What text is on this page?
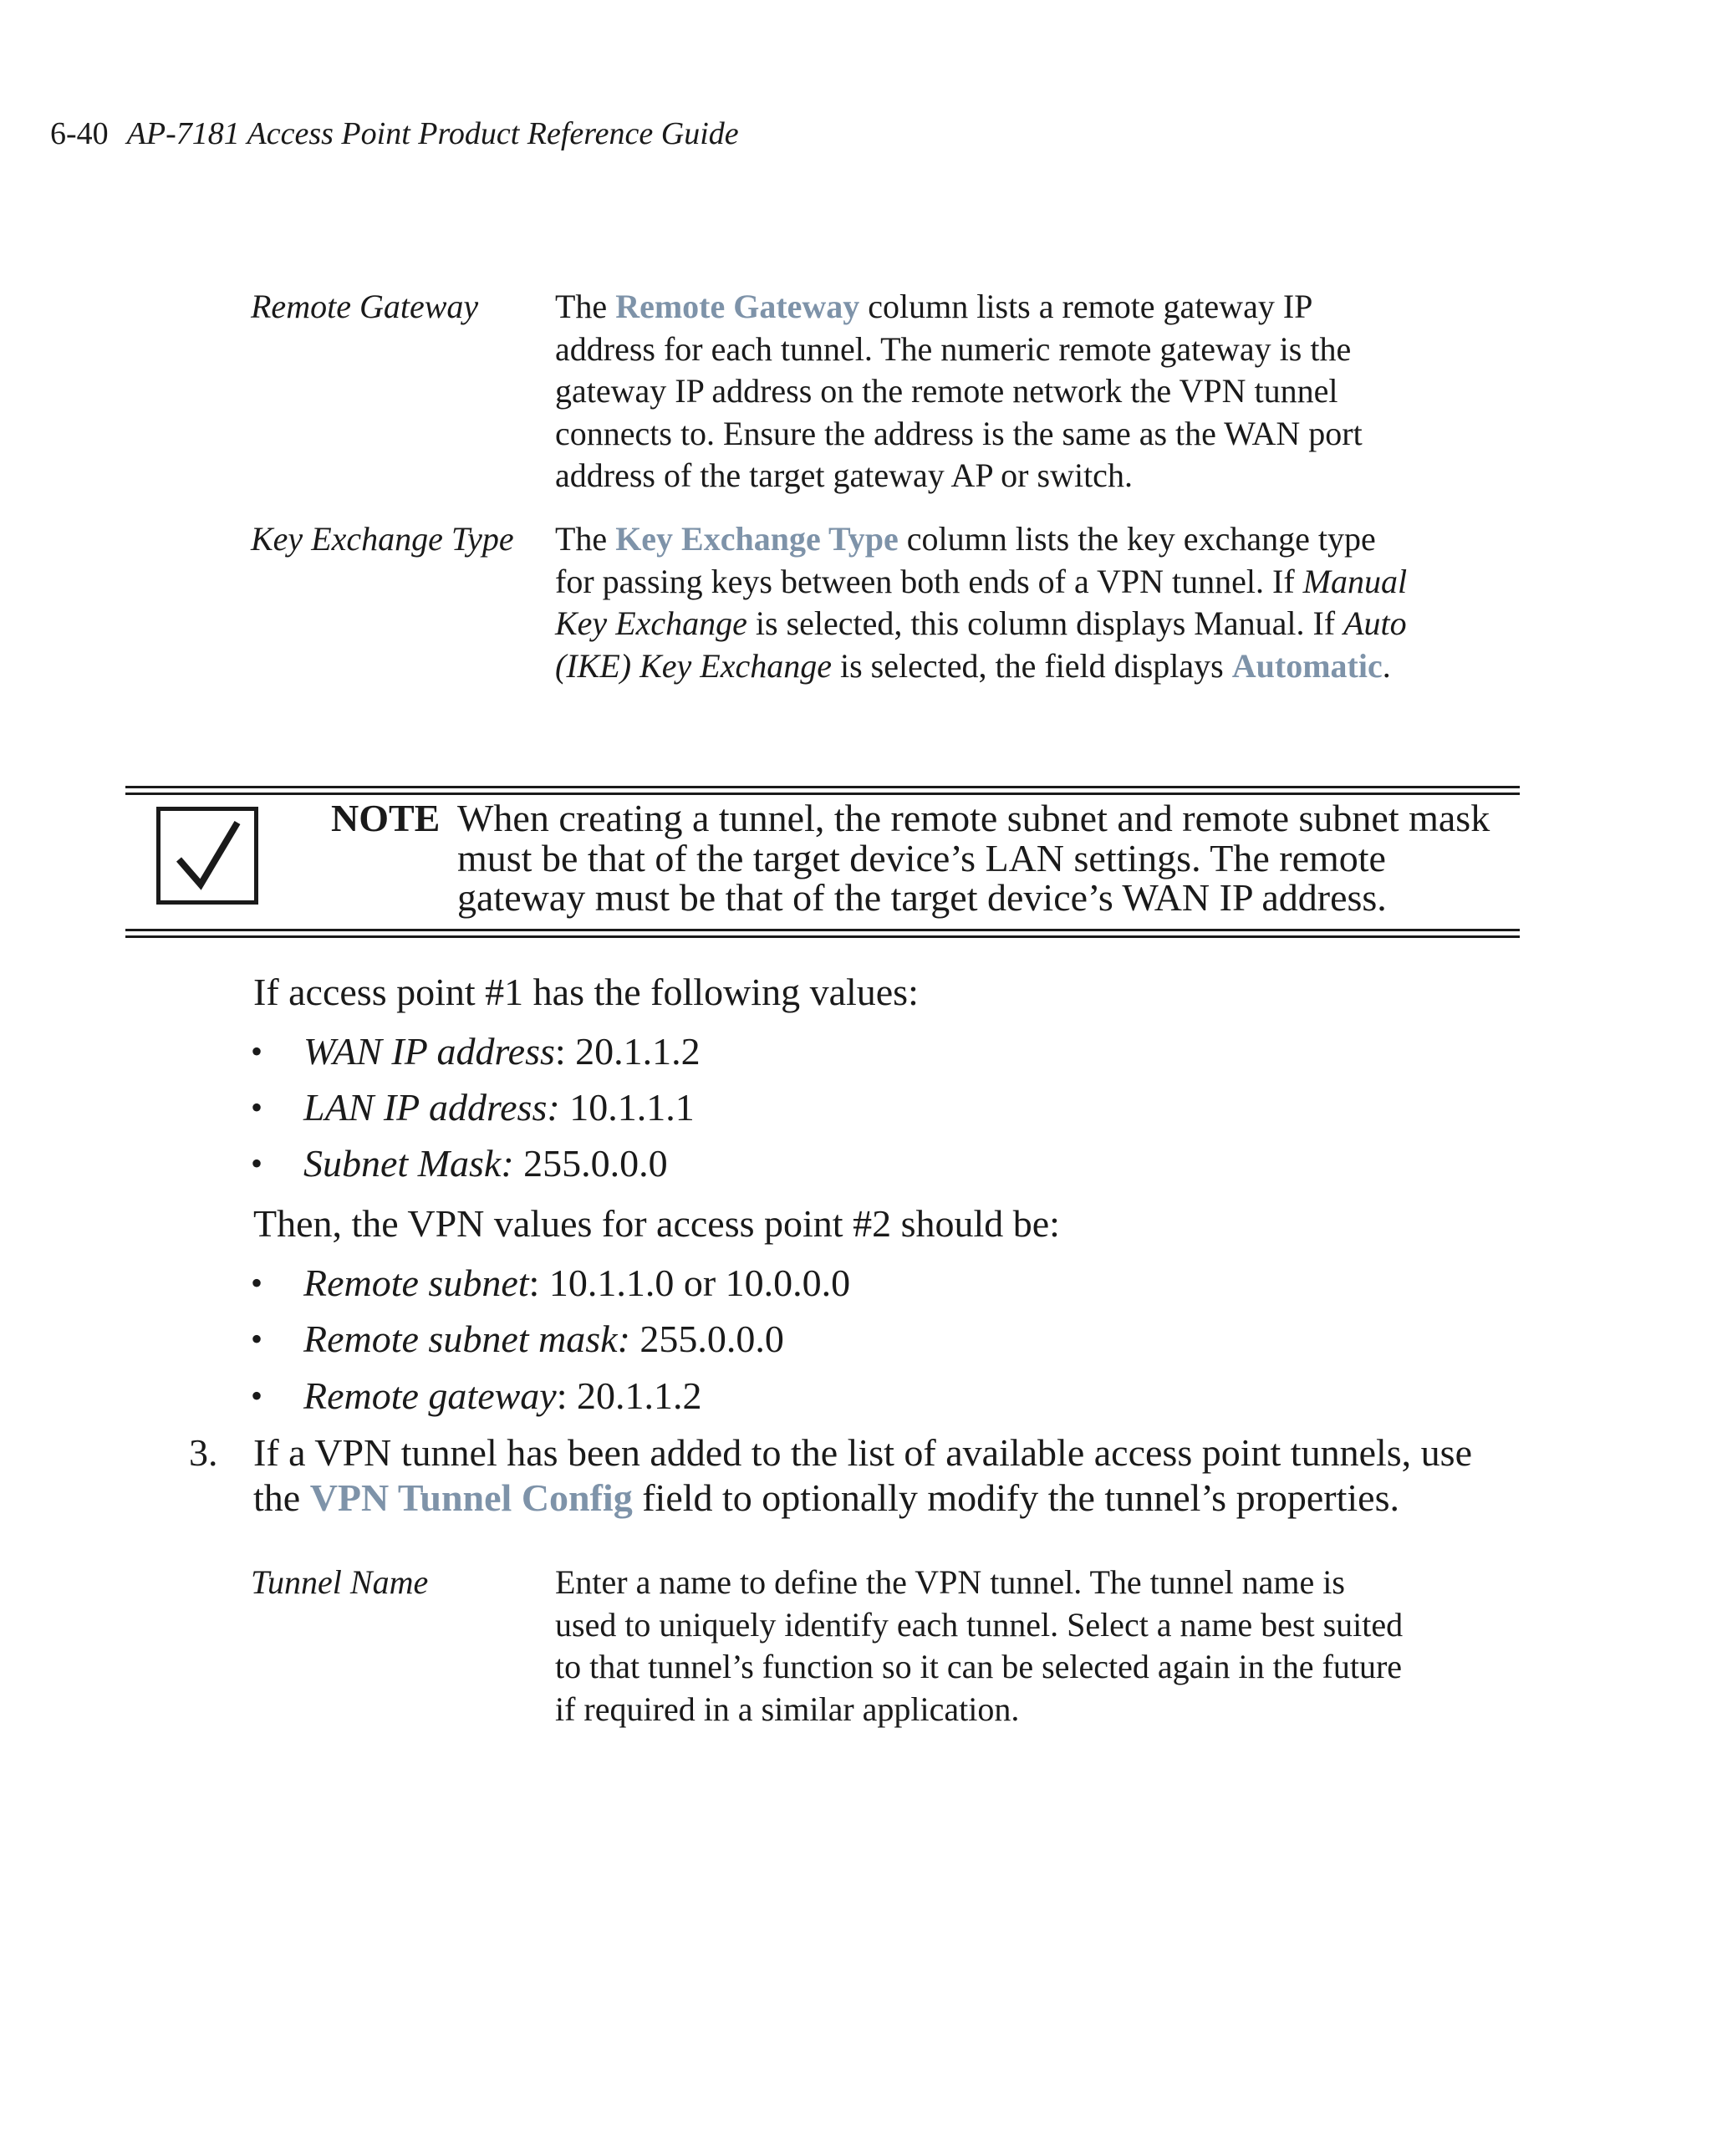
6-40 AP-7181 Access Point Product Reference Guide
Remote Gateway The Remote Gateway column lists a remote gateway IP address for each tunnel. The numeric remote gateway is the gateway IP address on the remote network the VPN tunnel connects to. Ensure the address is the same as the WAN port address of the target gateway AP or switch.
Key Exchange Type The Key Exchange Type column lists the key exchange type for passing keys between both ends of a VPN tunnel. If Manual Key Exchange is selected, this column displays Manual. If Auto (IKE) Key Exchange is selected, the field displays Automatic.
NOTE When creating a tunnel, the remote subnet and remote subnet mask must be that of the target device’s LAN settings. The remote gateway must be that of the target device’s WAN IP address.
If access point #1 has the following values:
• WAN IP address: 20.1.1.2
• LAN IP address: 10.1.1.1
• Subnet Mask: 255.0.0.0
Then, the VPN values for access point #2 should be:
• Remote subnet: 10.1.1.0 or 10.0.0.0
• Remote subnet mask: 255.0.0.0
• Remote gateway: 20.1.1.2
3. If a VPN tunnel has been added to the list of available access point tunnels, use the VPN Tunnel Config field to optionally modify the tunnel’s properties.
Tunnel Name	Enter a name to define the VPN tunnel. The tunnel name is used to uniquely identify each tunnel. Select a name best suited to that tunnel’s function so it can be selected again in the future if required in a similar application.
